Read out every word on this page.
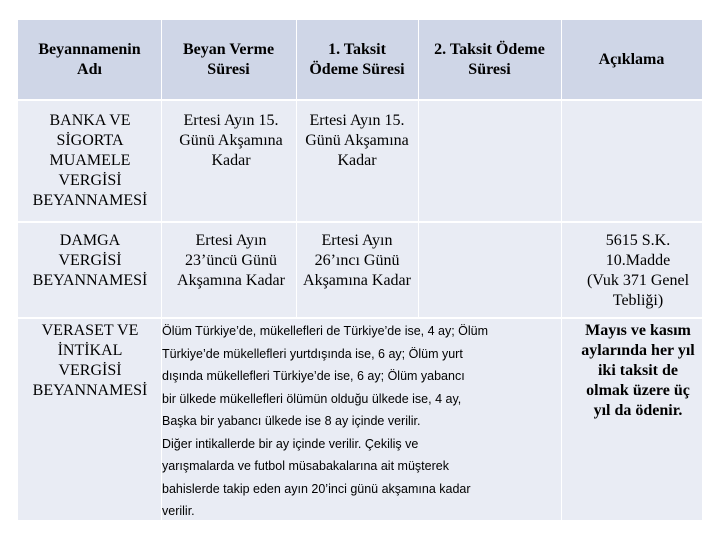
Beyannamenin
Adı
Beyan Verme
Süresi
1. Taksit
Ödeme Süresi
2. Taksit Ödeme
Süresi
Açıklama
BANKA VE
SİGORTA
MUAMELE
VERGİSİ
BEYANNAMESİ
Ertesi Ayın 15.
Günü Akşamına
Kadar
Ertesi Ayın 15.
Günü Akşamına
Kadar
DAMGA
VERGİSİ
BEYANNAMESİ
Ertesi Ayın
23’üncü Günü
Akşamına Kadar
Ertesi Ayın
26’ıncı Günü
Akşamına Kadar
5615 S.K.
10.Madde
(Vuk 371 Genel
Tebliği)
VERASET VE
İNTİKAL
VERGİSİ
BEYANNAMESİ
Ölüm Türkiye’de, mükellefleri de Türkiye’de ise, 4 ay; Ölüm
Türkiye’de mükellefleri yurtdışında ise, 6 ay; Ölüm yurt
dışında mükellefleri Türkiye’de ise, 6 ay; Ölüm yabancı
bir ülkede mükellefleri ölümün olduğu ülkede ise, 4 ay,
Başka bir yabancı ülkede ise 8 ay içinde verilir.
Diğer intikallerde bir ay içinde verilir. Çekiliş ve
yarışmalarda ve futbol müsabakalarına ait müşterek
bahislerde takip eden ayın 20’inci günü akşamına kadar
verilir.
Mayıs ve kasım
aylarında her yıl
iki taksit de
olmak üzere üç
yıl da ödenir.
